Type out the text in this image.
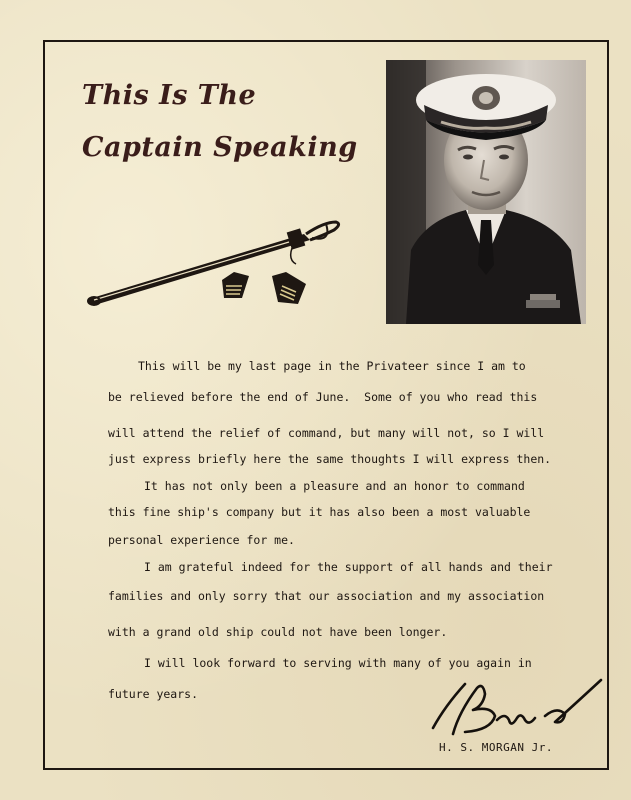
This Is The
Captain Speaking
This will be my last page in the Privateer since I am to
be relieved before the end of June.  Some of you who read this
will attend the relief of command, but many will not, so I will
just express briefly here the same thoughts I will express then.
It has not only been a pleasure and an honor to command
this fine ship's company but it has also been a most valuable
personal experience for me.
I am grateful indeed for the support of all hands and their
families and only sorry that our association and my association
with a grand old ship could not have been longer.
I will look forward to serving with many of you again in
future years.
H. S. MORGAN Jr.
